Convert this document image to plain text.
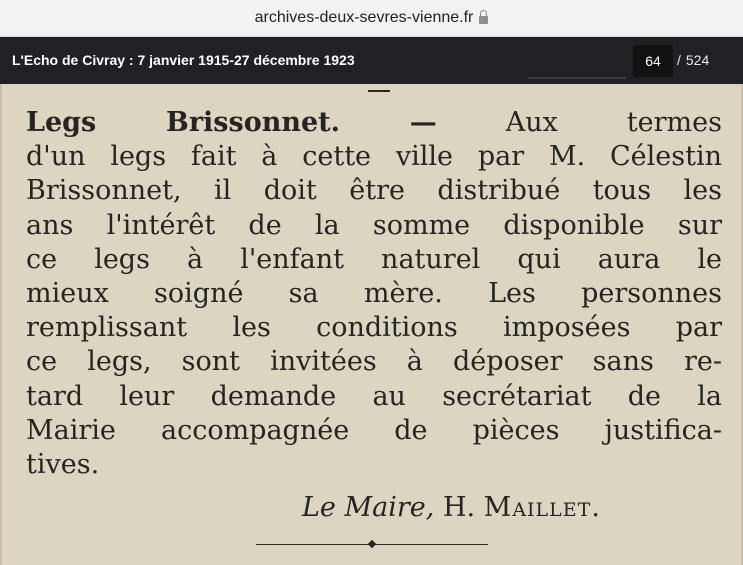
archives-deux-sevres-vienne.fr
L'Echo de Civray : 7 janvier 1915-27 décembre 1923	64	/ 524
Legs Brissonnet. —	Aux termes
d'un legs fait à cette ville par M. Célestin
Brissonnet, il doit être distribué tous les
ans l'intérêt de la somme disponible sur
ce legs à l'enfant naturel qui aura le
mieux soigné sa mère. Les personnes
remplissant les conditions imposées par
ce legs, sont invitées à déposer sans re-
tard leur demande au secrétariat de la
Mairie accompagnée de pièces justifica-
tives.
Le Maire, H. Maillet.
